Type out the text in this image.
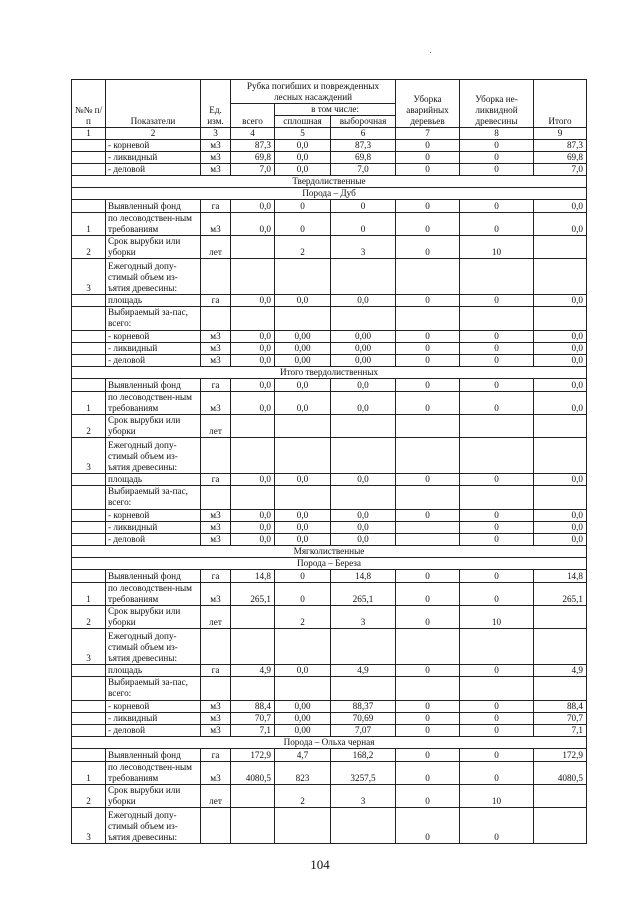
№№ п/п	Показатели	Ед. изм.	Рубка погибших и поврежденных лесных насаждений			Уборка аварийных деревьев	Уборка не-ликвидной древесины	Итого
			всего	в том числе:				
				сплошная	выборочная			
1	2	3	4	5	6	7	8	9
	- корневой	м3	87,3	0,0	87,3	0	0	87,3
	- ликвидный	м3	69,8	0,0	69,8	0	0	69,8
	- деловой	м3	7,0	0,0	7,0	0	0	7,0
Твердолиственные								
Порода – Дуб								
	Выявленный фонд	га	0,0	0	0	0	0	0,0
1	по лесоводствен-ным требованиям	м3	0,0	0	0	0	0	0,0
2	Срок вырубки или уборки	лет		2	3	0	10	
3	Ежегодный допу-стимый объем из-ъятия древесины:							
	площадь	га	0,0	0,0	0,0	0	0	0,0
	Выбираемый за-пас, всего:							
	- корневой	м3	0,0	0,00	0,00	0	0	0,0
	- ликвидный	м3	0,0	0,00	0,00	0	0	0,0
	- деловой	м3	0,0	0,00	0,00	0	0	0,0
Итого твердолиственных								
	Выявленный фонд	га	0,0	0,0	0,0	0	0	0,0
1	по лесоводствен-ным требованиям	м3	0,0	0,0	0,0	0	0	0,0
2	Срок вырубки или уборки	лет						
3	Ежегодный допу-стимый объем из-ъятия древесины:							
	площадь	га	0,0	0,0	0,0	0	0	0,0
	Выбираемый за-пас, всего:							
	- корневой	м3	0,0	0,0	0,0	0	0	0,0
	- ликвидный	м3	0,0	0,0	0,0		0	0,0
	- деловой	м3	0,0	0,0	0,0		0	0,0
Мягколиственные								
Порода – Береза								
	Выявленный фонд	га	14,8	0	14,8	0	0	14,8
1	по лесоводствен-ным требованиям	м3	265,1	0	265,1	0	0	265,1
2	Срок вырубки или уборки	лет		2	3	0	10	
3	Ежегодный допу-стимый объем из-ъятия древесины:							
	площадь	га	4,9	0,0	4,9	0	0	4,9
	Выбираемый за-пас, всего:							
	- корневой	м3	88,4	0,00	88,37	0	0	88,4
	- ликвидный	м3	70,7	0,00	70,69	0	0	70,7
	- деловой	м3	7,1	0,00	7,07	0	0	7,1
Порода – Ольха черная								
	Выявленный фонд	га	172,9	4,7	168,2	0	0	172,9
1	по лесоводствен-ным требованиям	м3	4080,5	823	3257,5	0	0	4080,5
2	Срок вырубки или уборки	лет		2	3	0	10	
3	Ежегодный допу-стимый объем из-ъятия древесины:					0	0	
104
